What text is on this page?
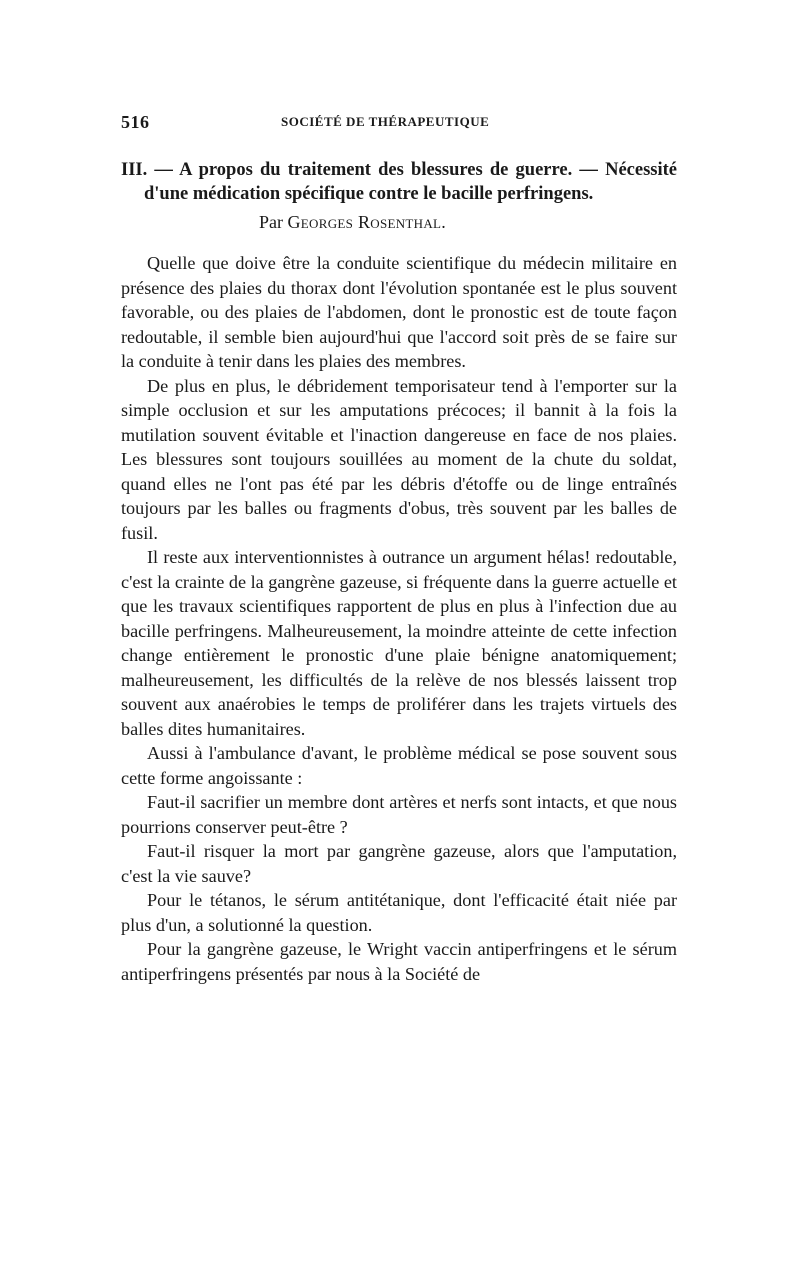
516	SOCIÉTÉ DE THÉRAPEUTIQUE
III. — A propos du traitement des blessures de guerre. — Nécessité d'une médication spécifique contre le bacille perfringens.
Par Georges Rosenthal.

Quelle que doive être la conduite scientifique du médecin militaire en présence des plaies du thorax dont l'évolution spontanée est le plus souvent favorable, ou des plaies de l'abdomen, dont le pronostic est de toute façon redoutable, il semble bien aujourd'hui que l'accord soit près de se faire sur la conduite à tenir dans les plaies des membres.

De plus en plus, le débridement temporisateur tend à l'emporter sur la simple occlusion et sur les amputations précoces; il bannit à la fois la mutilation souvent évitable et l'inaction dangereuse en face de nos plaies. Les blessures sont toujours souillées au moment de la chute du soldat, quand elles ne l'ont pas été par les débris d'étoffe ou de linge entraînés toujours par les balles ou fragments d'obus, très souvent par les balles de fusil.

Il reste aux interventionnistes à outrance un argument hélas! redoutable, c'est la crainte de la gangrène gazeuse, si fréquente dans la guerre actuelle et que les travaux scientifiques rapportent de plus en plus à l'infection due au bacille perfringens. Malheureusement, la moindre atteinte de cette infection change entièrement le pronostic d'une plaie bénigne anatomiquement; malheureusement, les difficultés de la relève de nos blessés laissent trop souvent aux anaérobies le temps de proliférer dans les trajets virtuels des balles dites humanitaires.

Aussi à l'ambulance d'avant, le problème médical se pose souvent sous cette forme angoissante :

Faut-il sacrifier un membre dont artères et nerfs sont intacts, et que nous pourrions conserver peut-être ?

Faut-il risquer la mort par gangrène gazeuse, alors que l'amputation, c'est la vie sauve?

Pour le tétanos, le sérum antitétanique, dont l'efficacité était niée par plus d'un, a solutionné la question.

Pour la gangrène gazeuse, le Wright vaccin antiperfringens et le sérum antiperfringens présentés par nous à la Société de
